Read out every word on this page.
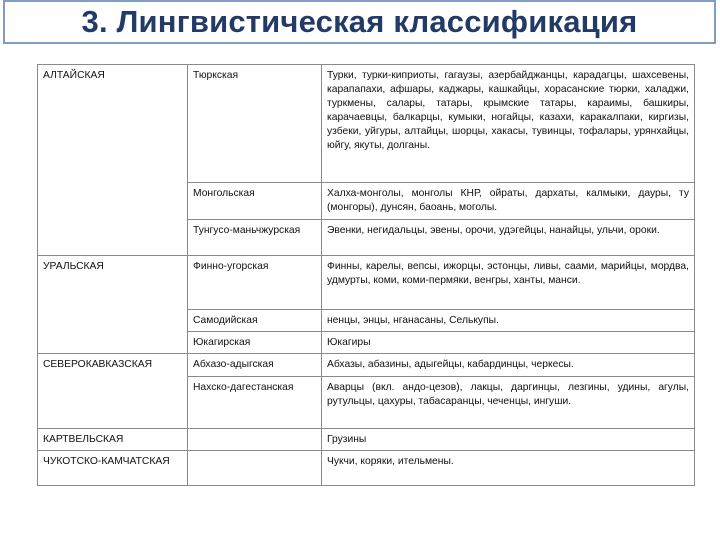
3. Лингвистическая классификация
АЛТАЙСКАЯ	Тюркская	Турки, турки-киприоты, гагаузы, азербайджанцы, карадагцы, шахсевены, карапапахи, афшары, каджары, кашкайцы, хорасанские тюрки, халаджи, туркмены, салары, татары, крымские татары, караимы, башкиры, карачаевцы, балкарцы, кумыки, ногайцы, казахи, каракалпаки, киргизы, узбеки, уйгуры, алтайцы, шорцы, хакасы, тувинцы, тофалары, урянхайцы, юйгу, якуты, долганы.
	Монгольская	Халха-монголы, монголы КНР, ойраты, дархаты, калмыки, дауры, ту (монгоры), дунсян, баоань, моголы.
	Тунгусо-маньчжурская	Эвенки, негидальцы, эвены, орочи, удэгейцы, нанайцы, ульчи, ороки.
УРАЛЬСКАЯ	Финно-угорская	Финны, карелы, вепсы, ижорцы, эстонцы, ливы, саами, марийцы, мордва, удмурты, коми, коми-пермяки, венгры, ханты, манси.
	Самодийская	ненцы, энцы, нганасаны, Селькупы.
	Юкагирская	Юкагиры
СЕВЕРОКАВКАЗСКАЯ	Абхазо-адыгская	Абхазы, абазины, адыгейцы, кабардинцы, черкесы.
	Нахско-дагестанская	Аварцы (вкл. андо-цезов), лакцы, даргинцы, лезгины, удины, агулы, рутульцы, цахуры, табасаранцы, чеченцы, ингуши.
КАРТВЕЛЬСКАЯ		Грузины
ЧУКОТСКО-КАМЧАТСКАЯ		Чукчи, коряки, ительмены.
